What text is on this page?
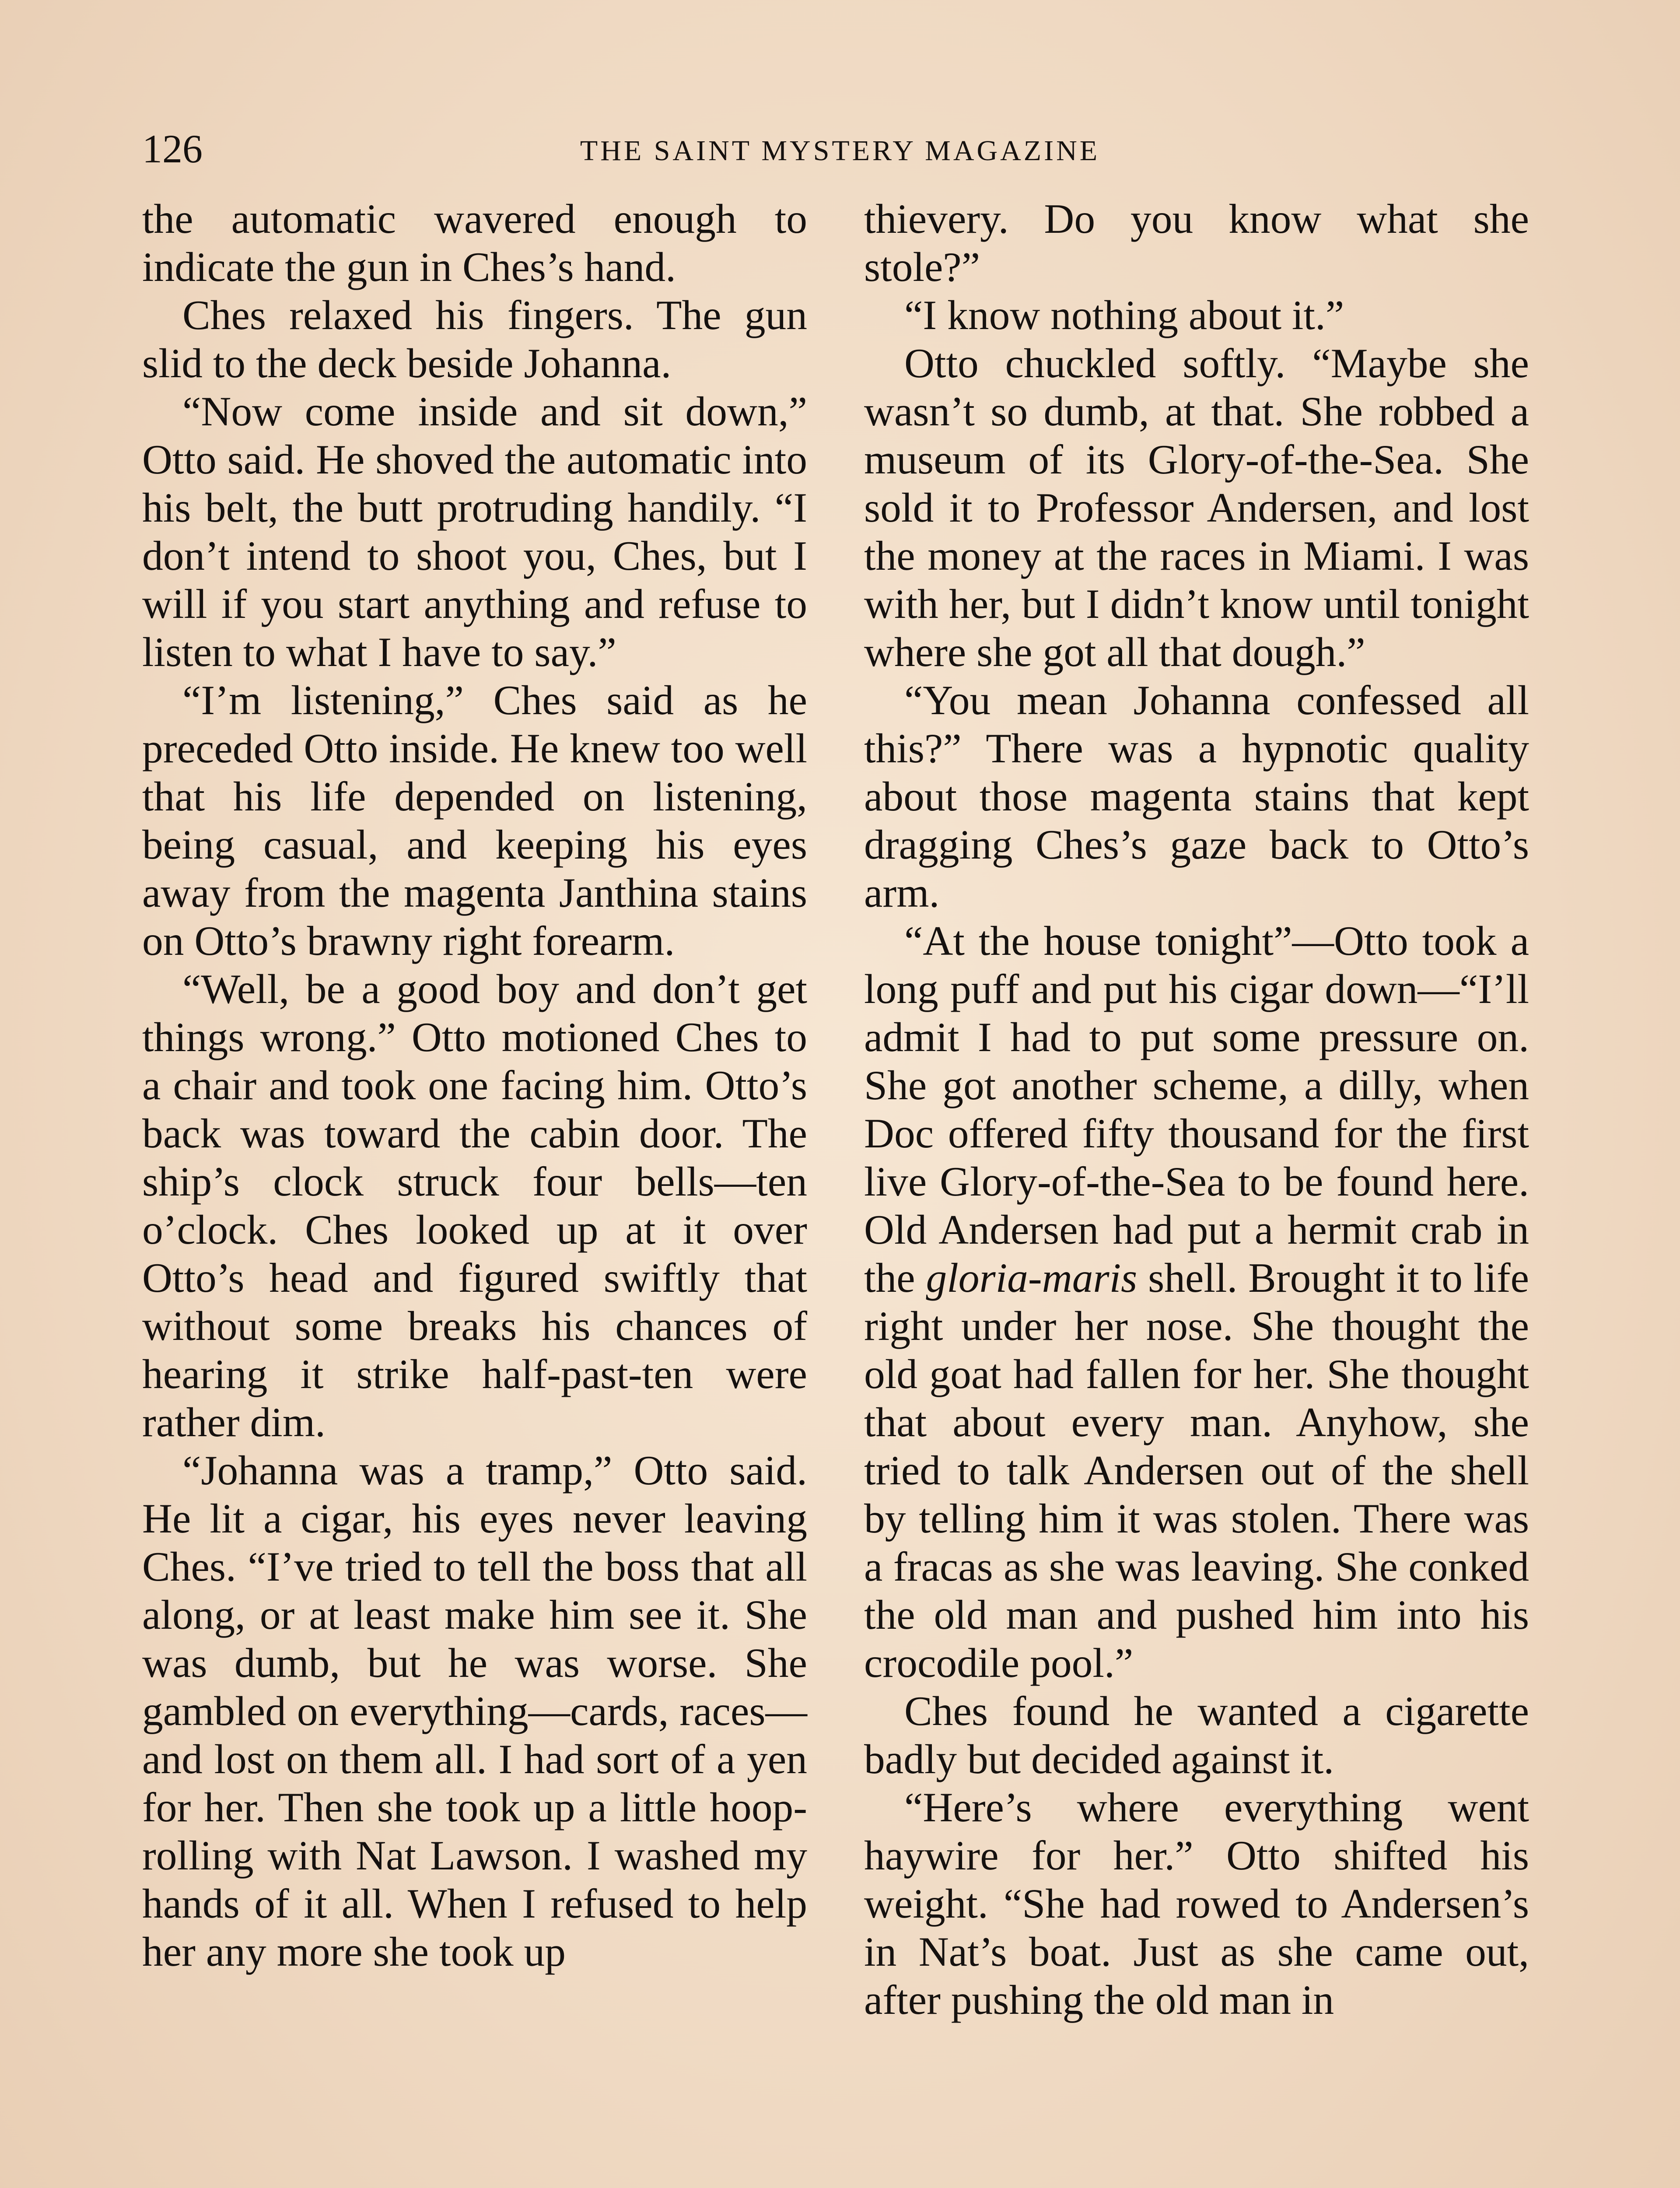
126	THE SAINT MYSTERY MAGAZINE

the automatic wavered enough to indicate the gun in Ches’s hand.

Ches relaxed his fingers. The gun slid to the deck beside Johanna.

“Now come inside and sit down,” Otto said. He shoved the automatic into his belt, the butt protruding handily. “I don’t intend to shoot you, Ches, but I will if you start anything and refuse to listen to what I have to say.”

“I’m listening,” Ches said as he preceded Otto inside. He knew too well that his life depended on listening, being casual, and keeping his eyes away from the magenta Janthina stains on Otto’s brawny right forearm.

“Well, be a good boy and don’t get things wrong.” Otto motioned Ches to a chair and took one facing him. Otto’s back was toward the cabin door. The ship’s clock struck four bells—ten o’clock. Ches looked up at it over Otto’s head and figured swiftly that without some breaks his chances of hearing it strike half-past-ten were rather dim.

“Johanna was a tramp,” Otto said. He lit a cigar, his eyes never leaving Ches. “I’ve tried to tell the boss that all along, or at least make him see it. She was dumb, but he was worse. She gambled on everything—cards, races—and lost on them all. I had sort of a yen for her. Then she took up a little hoop-rolling with Nat Lawson. I washed my hands of it all. When I refused to help her any more she took up

thievery. Do you know what she stole?”

“I know nothing about it.”

Otto chuckled softly. “Maybe she wasn’t so dumb, at that. She robbed a museum of its Glory-of-the-Sea. She sold it to Professor Andersen, and lost the money at the races in Miami. I was with her, but I didn’t know until tonight where she got all that dough.”

“You mean Johanna confessed all this?” There was a hypnotic quality about those magenta stains that kept dragging Ches’s gaze back to Otto’s arm.

“At the house tonight”—Otto took a long puff and put his cigar down—“I’ll admit I had to put some pressure on. She got another scheme, a dilly, when Doc offered fifty thousand for the first live Glory-of-the-Sea to be found here. Old Andersen had put a hermit crab in the gloria-maris shell. Brought it to life right under her nose. She thought the old goat had fallen for her. She thought that about every man. Anyhow, she tried to talk Andersen out of the shell by telling him it was stolen. There was a fracas as she was leaving. She conked the old man and pushed him into his crocodile pool.”

Ches found he wanted a cigarette badly but decided against it.

“Here’s where everything went haywire for her.” Otto shifted his weight. “She had rowed to Andersen’s in Nat’s boat. Just as she came out, after pushing the old man in
